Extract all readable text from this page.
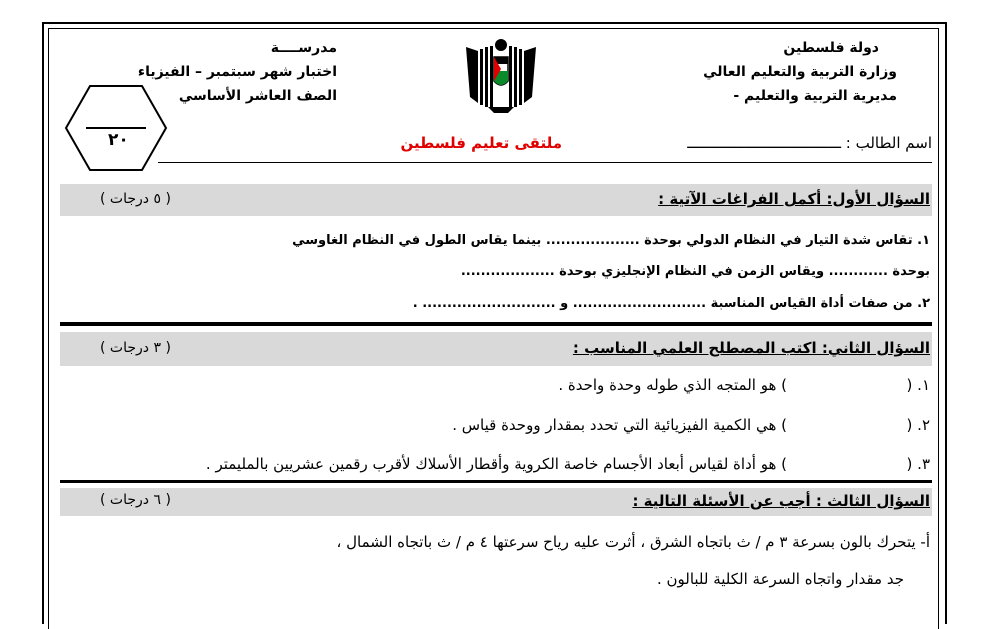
دولة فلسطين
وزارة التربية والتعليم العالي
مديرية التربية والتعليم -
مدرســــة
اختبار شهر سبتمبر – الفيزياء
الصف العاشر الأساسي
٢٠	اسم الطالب : ـــــــــــــــــــــــــــــــــــ
ملتقى تعليم فلسطين
السؤال الأول: أكمل الفراغات الآتية :
( ٥ درجات )
١. تقاس شدة التيار في النظام الدولي بوحدة ................... بينما يقاس الطول في النظام الغاوسي
بوحدة ............ ويقاس الزمن في النظام الإنجليزي بوحدة ...................
٢. من صفات أداة القياس المناسبة ........................... و ........................... .
السؤال الثاني: اكتب المصطلح العلمي المناسب :
( ٣ درجات )
١. (  ) هو المتجه الذي طوله وحدة واحدة .
٢. (  ) هي الكمية الفيزيائية التي تحدد بمقدار ووحدة قياس .
٣. (  ) هو أداة لقياس أبعاد الأجسام خاصة الكروية وأقطار الأسلاك لأقرب رقمين عشريين بالمليمتر .
السؤال الثالث : أجب عن الأسئلة التالية :
( ٦ درجات )
أ- يتحرك بالون بسرعة ٣ م / ث باتجاه الشرق ، أثرت عليه رياح سرعتها ٤ م / ث باتجاه الشمال ،
جد مقدار واتجاه السرعة الكلية للبالون .
